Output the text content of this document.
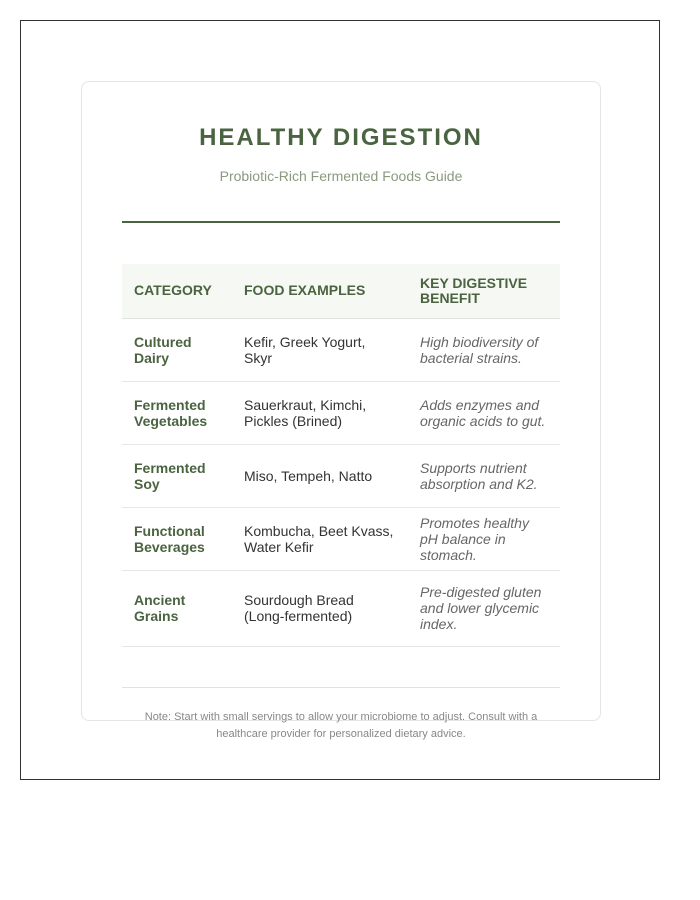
HEALTHY DIGESTION
Probiotic-Rich Fermented Foods Guide
CATEGORY	FOOD EXAMPLES	KEY DIGESTIVE BENEFIT
Cultured Dairy	Kefir, Greek Yogurt, Skyr	High biodiversity of bacterial strains.
Fermented Vegetables	Sauerkraut, Kimchi, Pickles (Brined)	Adds enzymes and organic acids to gut.
Fermented Soy	Miso, Tempeh, Natto	Supports nutrient absorption and K2.
Functional Beverages	Kombucha, Beet Kvass, Water Kefir	Promotes healthy pH balance in stomach.
Ancient Grains	Sourdough Bread (Long-fermented)	Pre-digested gluten and lower glycemic index.
Note: Start with small servings to allow your microbiome to adjust. Consult with a healthcare provider for personalized dietary advice.
